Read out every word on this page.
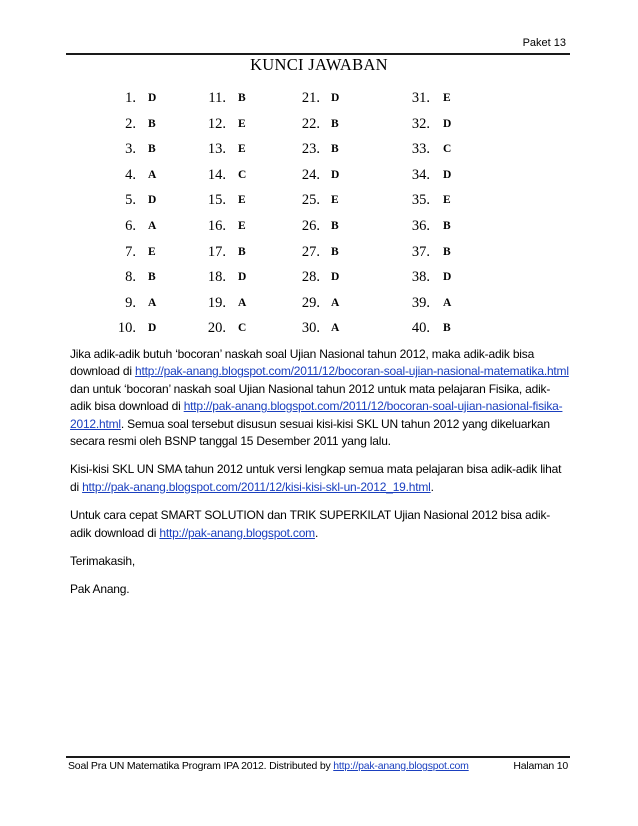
Paket 13
KUNCI JAWABAN
1. D	11. B	21. D	31. E
2. B	12. E	22. B	32. D
3. B	13. E	23. B	33. C
4. A	14. C	24. D	34. D
5. D	15. E	25. E	35. E
6. A	16. E	26. B	36. B
7. E	17. B	27. B	37. B
8. B	18. D	28. D	38. D
9. A	19. A	29. A	39. A
10. D	20. C	30. A	40. B

Jika adik-adik butuh ‘bocoran’ naskah soal Ujian Nasional tahun 2012, maka adik-adik bisa download di http://pak-anang.blogspot.com/2011/12/bocoran-soal-ujian-nasional-matematika.html dan untuk ‘bocoran’ naskah soal Ujian Nasional tahun 2012 untuk mata pelajaran Fisika, adik-adik bisa download di http://pak-anang.blogspot.com/2011/12/bocoran-soal-ujian-nasional-fisika-2012.html. Semua soal tersebut disusun sesuai kisi-kisi SKL UN tahun 2012 yang dikeluarkan secara resmi oleh BSNP tanggal 15 Desember 2011 yang lalu.

Kisi-kisi SKL UN SMA tahun 2012 untuk versi lengkap semua mata pelajaran bisa adik-adik lihat di http://pak-anang.blogspot.com/2011/12/kisi-kisi-skl-un-2012_19.html.

Untuk cara cepat SMART SOLUTION dan TRIK SUPERKILAT Ujian Nasional 2012 bisa adik-adik download di http://pak-anang.blogspot.com.

Terimakasih,

Pak Anang.

Soal Pra UN Matematika Program IPA 2012. Distributed by http://pak-anang.blogspot.com	Halaman 10
